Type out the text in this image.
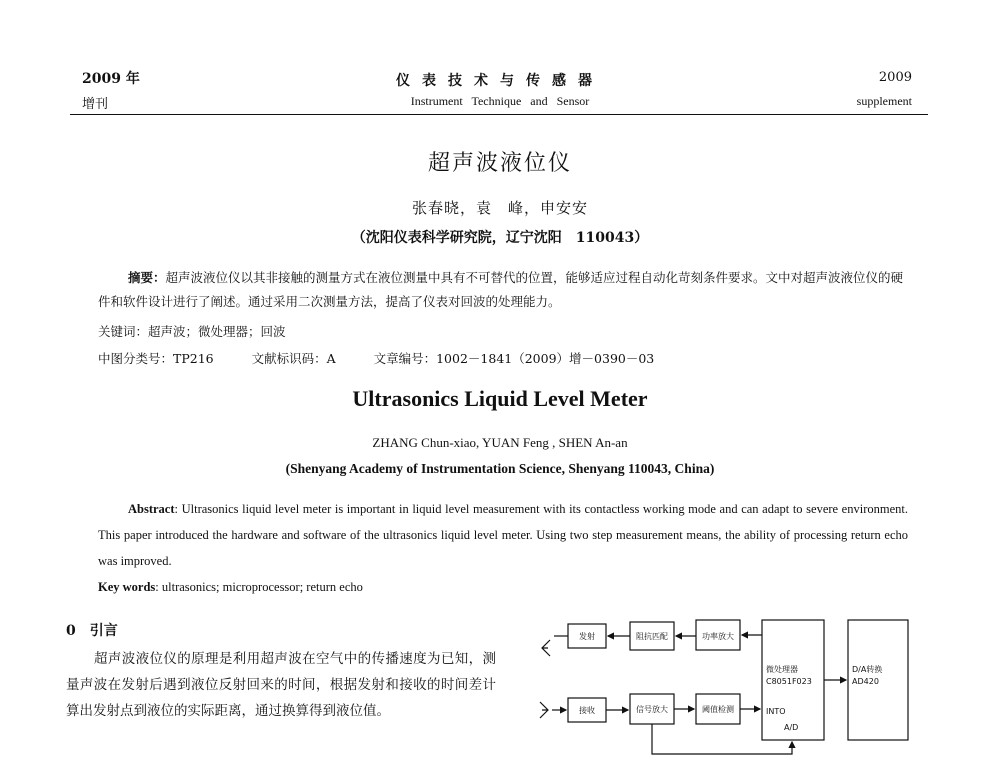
2009 年
增刊
仪表技术与传感器
Instrument Technique and Sensor
2009
supplement
超声波液位仪
张春晓，袁　峰，申安安
（沈阳仪表科学研究院，辽宁沈阳　110043）
摘要：超声波液位仪以其非接触的测量方式在液位测量中具有不可替代的位置，能够适应过程自动化苛刻条件要求。文中对超声波液位仪的硬件和软件设计进行了阐述。通过采用二次测量方法，提高了仪表对回波的处理能力。
关键词：超声波；微处理器；回波
中图分类号：TP216	文献标识码：A	文章编号：1002－1841（2009）增－0390－03
Ultrasonics Liquid Level Meter
ZHANG Chun-xiao, YUAN Feng , SHEN An-an
(Shenyang Academy of Instrumentation Science, Shenyang 110043, China)
Abstract: Ultrasonics liquid level meter is important in liquid level measurement with its contactless working mode and can adapt to severe environment. This paper introduced the hardware and software of the ultrasonics liquid level meter. Using two step measurement means, the ability of processing return echo was improved.
Key words: ultrasonics; microprocessor; return echo
0　引言
超声波液位仪的原理是利用超声波在空气中的传播速度为已知，测量声波在发射后遇到液位反射回来的时间，根据发射和接收的时间差计算出发射点到液位的实际距离，通过换算得到液位值。
发射	阻抗匹配	功率放大
微处理器
C8051F023
INTO
A/D
D/A转换
AD420
接收	信号放大	阈值检测
